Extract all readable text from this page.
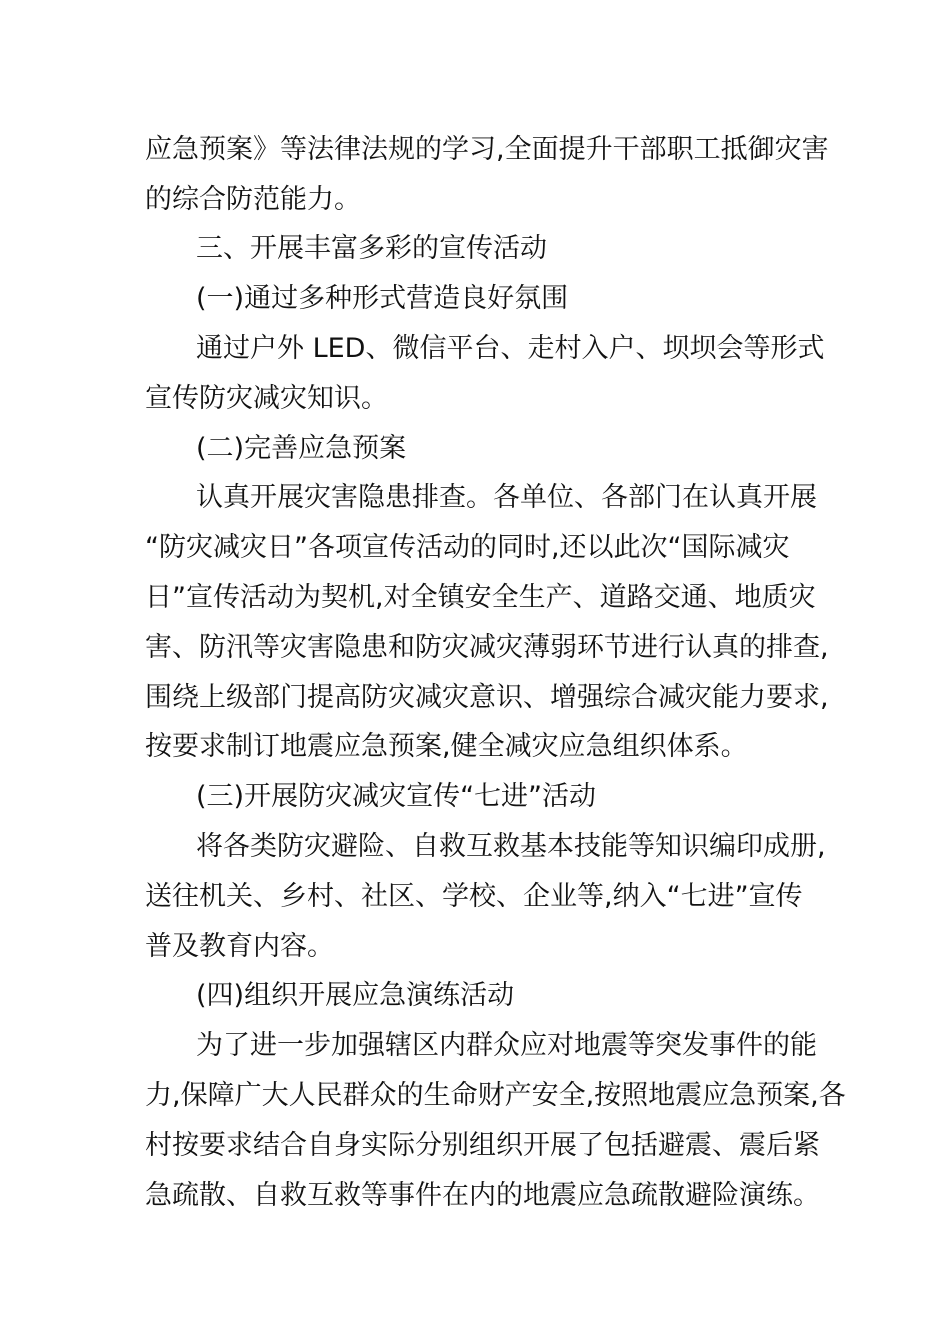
应急预案》等法律法规的学习,全面提升干部职工抵御灾害
的综合防范能力。
三、开展丰富多彩的宣传活动
(一)通过多种形式营造良好氛围
通过户外 LED、微信平台、走村入户、坝坝会等形式
宣传防灾减灾知识。
(二)完善应急预案
认真开展灾害隐患排查。各单位、各部门在认真开展
“防灾减灾日”各项宣传活动的同时,还以此次“国际减灾
日”宣传活动为契机,对全镇安全生产、道路交通、地质灾
害、防汛等灾害隐患和防灾减灾薄弱环节进行认真的排查,
围绕上级部门提高防灾减灾意识、增强综合减灾能力要求,
按要求制订地震应急预案,健全减灾应急组织体系。
(三)开展防灾减灾宣传“七进”活动
将各类防灾避险、自救互救基本技能等知识编印成册,
送往机关、乡村、社区、学校、企业等,纳入“七进”宣传
普及教育内容。
(四)组织开展应急演练活动
为了进一步加强辖区内群众应对地震等突发事件的能
力,保障广大人民群众的生命财产安全,按照地震应急预案,各
村按要求结合自身实际分别组织开展了包括避震、震后紧
急疏散、自救互救等事件在内的地震应急疏散避险演练。
